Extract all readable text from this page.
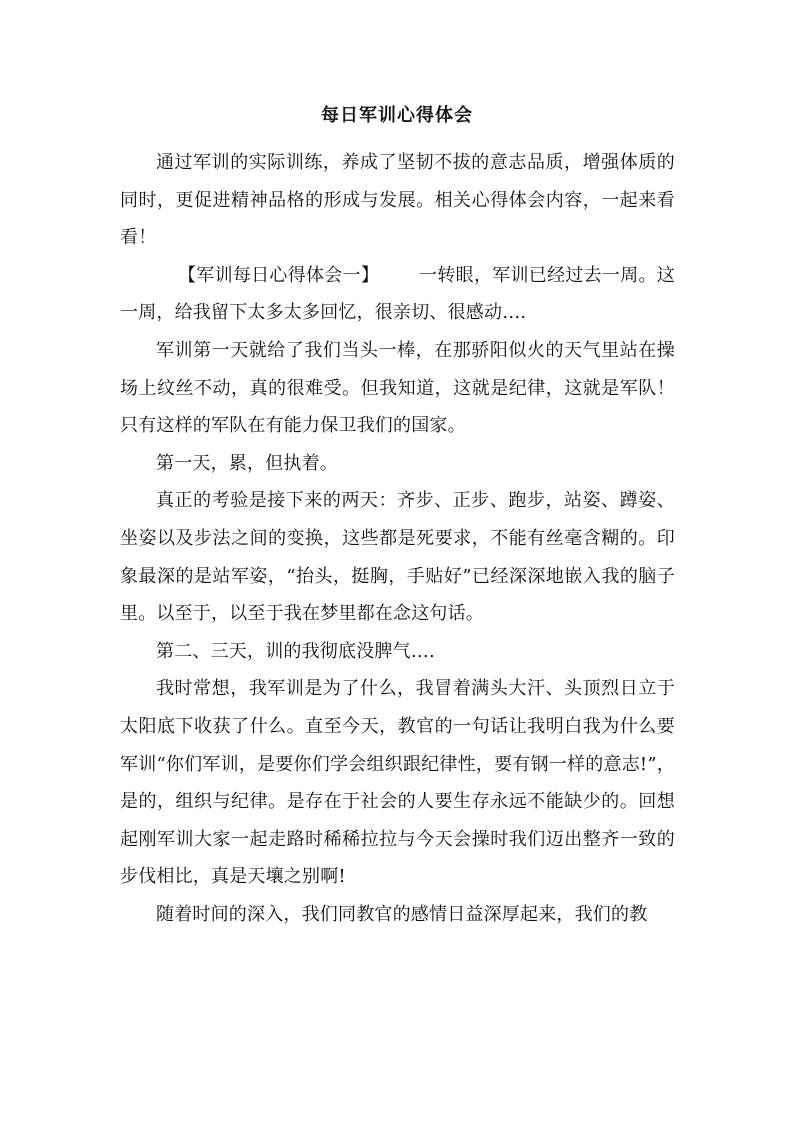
每日军训心得体会

通过军训的实际训练，养成了坚韧不拔的意志品质，增强体质的同时，更促进精神品格的形成与发展。相关心得体会内容，一起来看看！

【军训每日心得体会一】 一转眼，军训已经过去一周。这一周，给我留下太多太多回忆，很亲切、很感动….

军训第一天就给了我们当头一棒，在那骄阳似火的天气里站在操场上纹丝不动，真的很难受。但我知道，这就是纪律，这就是军队！只有这样的军队在有能力保卫我们的国家。

第一天，累，但执着。

真正的考验是接下来的两天：齐步、正步、跑步，站姿、蹲姿、坐姿以及步法之间的变换，这些都是死要求，不能有丝毫含糊的。印象最深的是站军姿，“抬头，挺胸，手贴好”已经深深地嵌入我的脑子里。以至于，以至于我在梦里都在念这句话。

第二、三天，训的我彻底没脾气….

我时常想，我军训是为了什么，我冒着满头大汗、头顶烈日立于太阳底下收获了什么。直至今天，教官的一句话让我明白我为什么要军训“你们军训，是要你们学会组织跟纪律性，要有钢一样的意志!”，是的，组织与纪律。是存在于社会的人要生存永远不能缺少的。回想起刚军训大家一起走路时稀稀拉拉与今天会操时我们迈出整齐一致的步伐相比，真是天壤之别啊!

随着时间的深入，我们同教官的感情日益深厚起来，我们的教
